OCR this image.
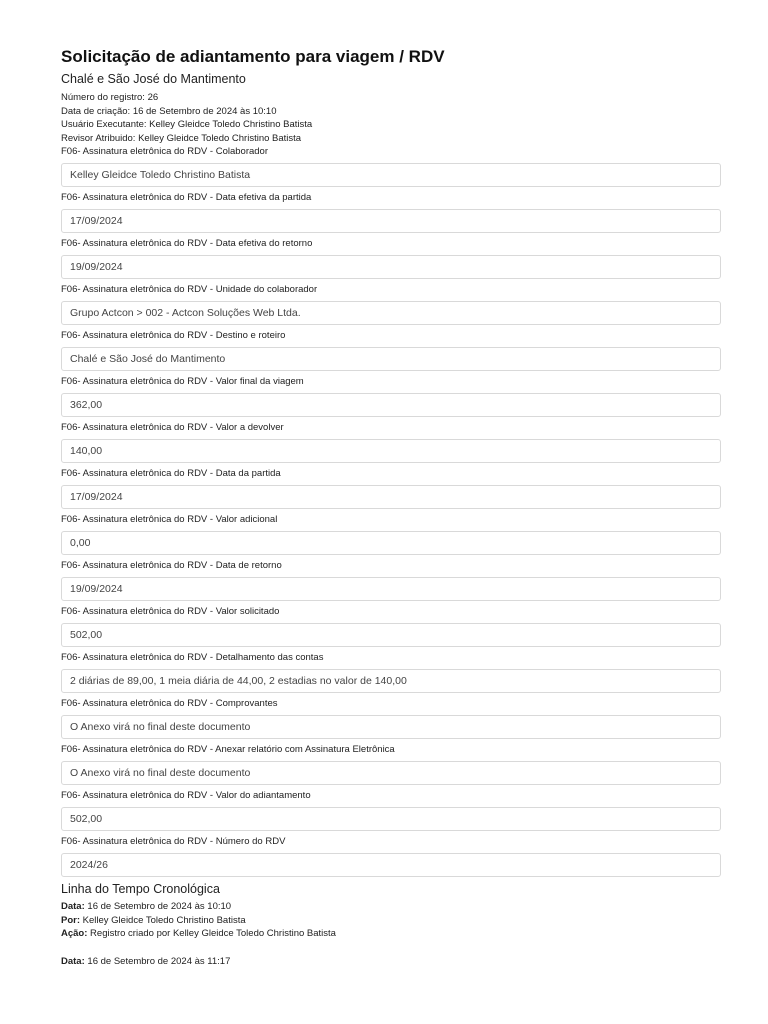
Solicitação de adiantamento para viagem / RDV
Chalé e São José do Mantimento
Número do registro: 26
Data de criação: 16 de Setembro de 2024 às 10:10
Usuário Executante: Kelley Gleidce Toledo Christino Batista
Revisor Atribuido: Kelley Gleidce Toledo Christino Batista
F06- Assinatura eletrônica do RDV - Colaborador
Kelley Gleidce Toledo Christino Batista
F06- Assinatura eletrônica do RDV - Data efetiva da partida
17/09/2024
F06- Assinatura eletrônica do RDV - Data efetiva do retorno
19/09/2024
F06- Assinatura eletrônica do RDV - Unidade do colaborador
Grupo Actcon > 002 - Actcon Soluções Web Ltda.
F06- Assinatura eletrônica do RDV - Destino e roteiro
Chalé e São José do Mantimento
F06- Assinatura eletrônica do RDV - Valor final da viagem
362,00
F06- Assinatura eletrônica do RDV - Valor a devolver
140,00
F06- Assinatura eletrônica do RDV - Data da partida
17/09/2024
F06- Assinatura eletrônica do RDV - Valor adicional
0,00
F06- Assinatura eletrônica do RDV - Data de retorno
19/09/2024
F06- Assinatura eletrônica do RDV - Valor solicitado
502,00
F06- Assinatura eletrônica do RDV - Detalhamento das contas
2 diárias de 89,00, 1 meia diária de 44,00, 2 estadias no valor de 140,00
F06- Assinatura eletrônica do RDV - Comprovantes
O Anexo virá no final deste documento
F06- Assinatura eletrônica do RDV - Anexar relatório com Assinatura Eletrônica
O Anexo virá no final deste documento
F06- Assinatura eletrônica do RDV - Valor do adiantamento
502,00
F06- Assinatura eletrônica do RDV - Número do RDV
2024/26
Linha do Tempo Cronológica
Data: 16 de Setembro de 2024 às 10:10
Por: Kelley Gleidce Toledo Christino Batista
Ação: Registro criado por Kelley Gleidce Toledo Christino Batista
Data: 16 de Setembro de 2024 às 11:17
